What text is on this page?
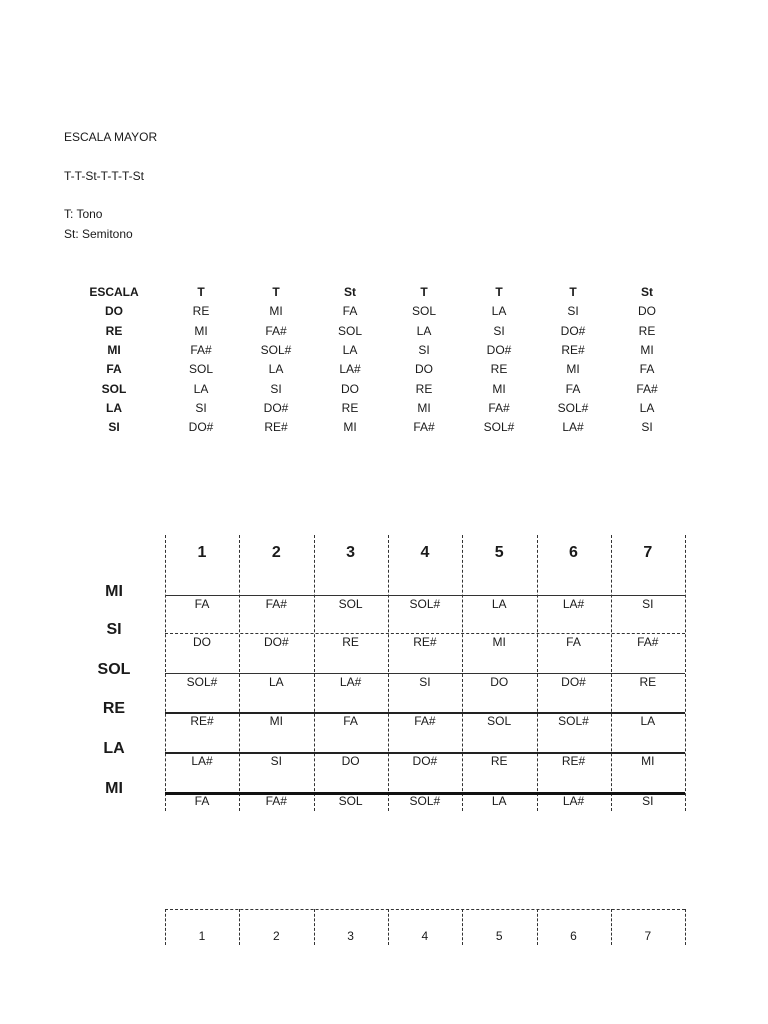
ESCALA MAYOR
T-T-St-T-T-T-St
T: Tono
St: Semitono
ESCALA	T	T	St	T	T	T	St
DO	RE	MI	FA	SOL	LA	SI	DO
RE	MI	FA#	SOL	LA	SI	DO#	RE
MI	FA#	SOL#	LA	SI	DO#	RE#	MI
FA	SOL	LA	LA#	DO	RE	MI	FA
SOL	LA	SI	DO	RE	MI	FA	FA#
LA	SI	DO#	RE	MI	FA#	SOL#	LA
SI	DO#	RE#	MI	FA#	SOL#	LA#	SI
1	2	3	4	5	6	7
MI
FA	FA#	SOL	SOL#	LA	LA#	SI
SI
DO	DO#	RE	RE#	MI	FA	FA#
SOL
SOL#	LA	LA#	SI	DO	DO#	RE
RE
RE#	MI	FA	FA#	SOL	SOL#	LA
LA
LA#	SI	DO	DO#	RE	RE#	MI
MI
FA	FA#	SOL	SOL#	LA	LA#	SI
1	2	3	4	5	6	7
